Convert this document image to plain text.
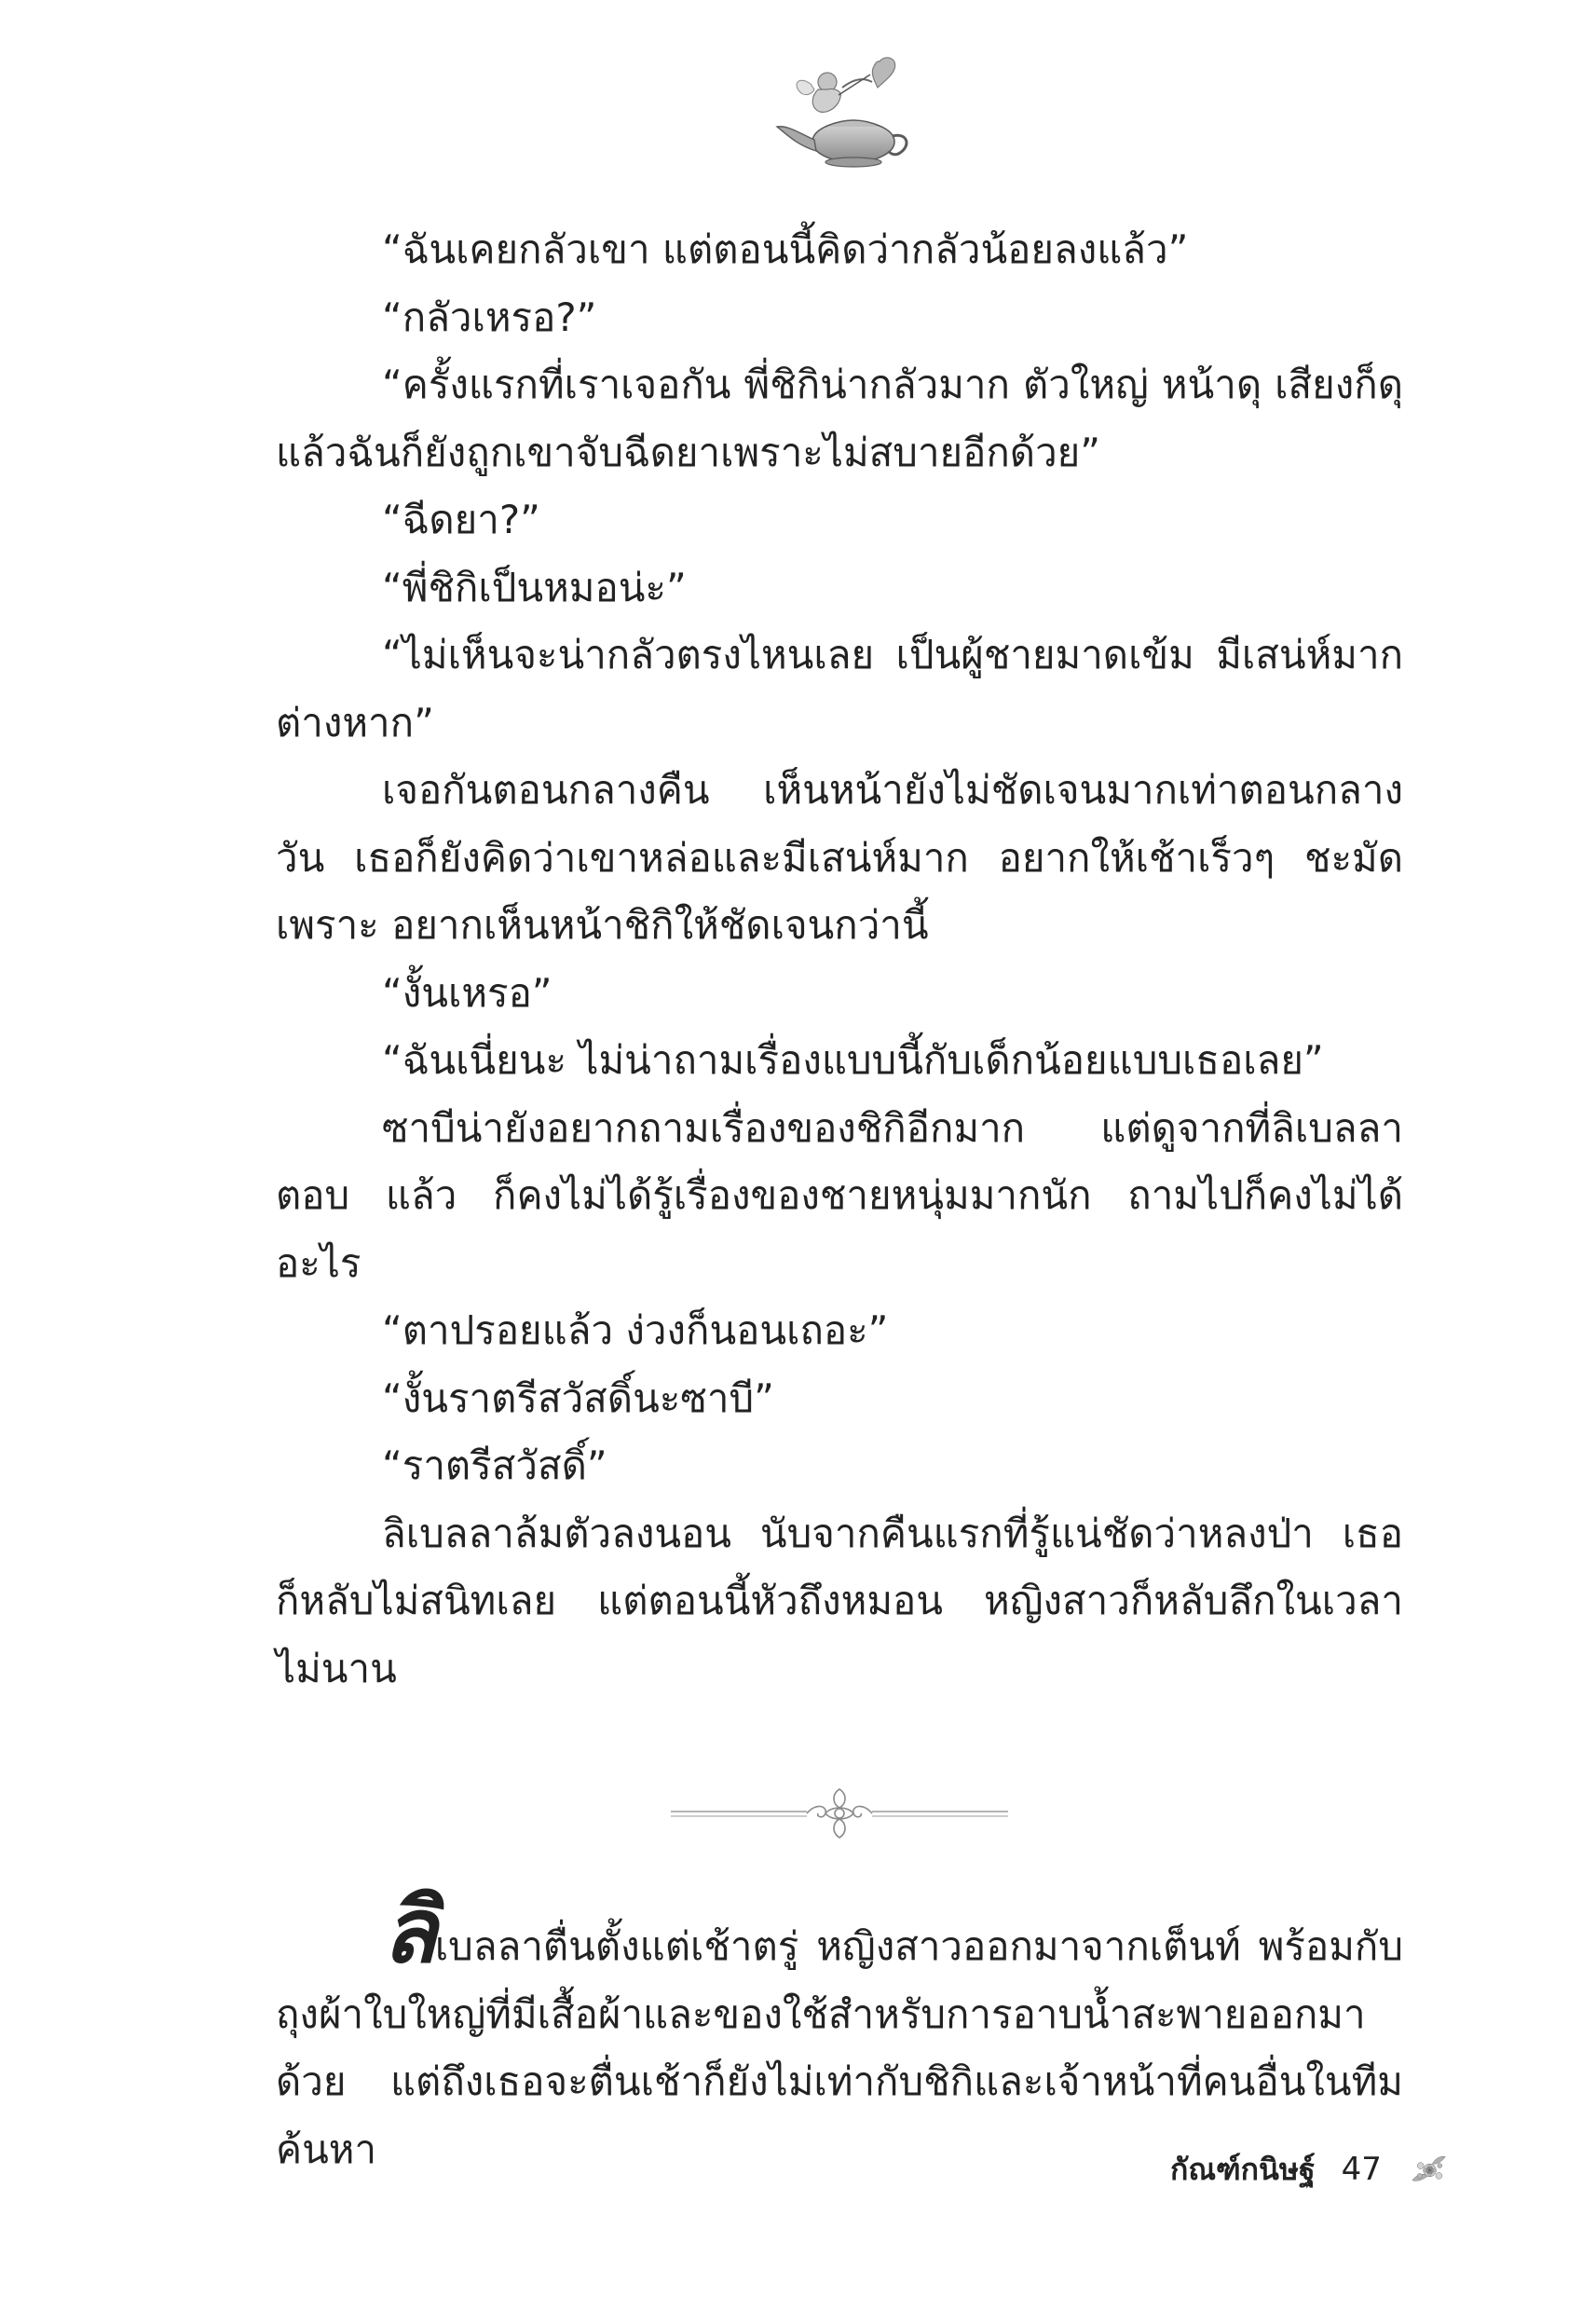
“ฉันเคยกลัวเขา แต่ตอนนี้คิดว่ากลัวน้อยลงแล้ว”

“กลัวเหรอ?”

“ครั้งแรกที่เราเจอกัน พี่ชิกิน่ากลัวมาก ตัวใหญ่ หน้าดุ เสียงก็ดุ แล้วฉันก็ยังถูกเขาจับฉีดยาเพราะไม่สบายอีกด้วย”

“ฉีดยา?”

“พี่ชิกิเป็นหมอน่ะ”

“ไม่เห็นจะน่ากลัวตรงไหนเลย เป็นผู้ชายมาดเข้ม มีเสน่ห์มาก ต่างหาก”

เจอกันตอนกลางคืน เห็นหน้ายังไม่ชัดเจนมากเท่าตอนกลางวัน เธอก็ยังคิดว่าเขาหล่อและมีเสน่ห์มาก อยากให้เช้าเร็วๆ ชะมัด เพราะ อยากเห็นหน้าชิกิให้ชัดเจนกว่านี้

“งั้นเหรอ”

“ฉันเนี่ยนะ ไม่น่าถามเรื่องแบบนี้กับเด็กน้อยแบบเธอเลย”

ซาบีน่ายังอยากถามเรื่องของชิกิอีกมาก แต่ดูจากที่ลิเบลลาตอบ แล้ว ก็คงไม่ได้รู้เรื่องของชายหนุ่มมากนัก ถามไปก็คงไม่ได้อะไร

“ตาปรอยแล้ว ง่วงก็นอนเถอะ”

“งั้นราตรีสวัสดิ์นะซาบี”

“ราตรีสวัสดิ์”

ลิเบลลาล้มตัวลงนอน นับจากคืนแรกที่รู้แน่ชัดว่าหลงป่า เธอ ก็หลับไม่สนิทเลย แต่ตอนนี้หัวถึงหมอน หญิงสาวก็หลับลึกในเวลา ไม่นาน

ลิเบลลาตื่นตั้งแต่เช้าตรู่ หญิงสาวออกมาจากเต็นท์ พร้อมกับ ถุงผ้าใบใหญ่ที่มีเสื้อผ้าและของใช้สำหรับการอาบน้ำสะพายออกมาด้วย แต่ถึงเธอจะตื่นเช้าก็ยังไม่เท่ากับชิกิและเจ้าหน้าที่คนอื่นในทีมค้นหา	กัณฑ์กนิษฐ์ 47
